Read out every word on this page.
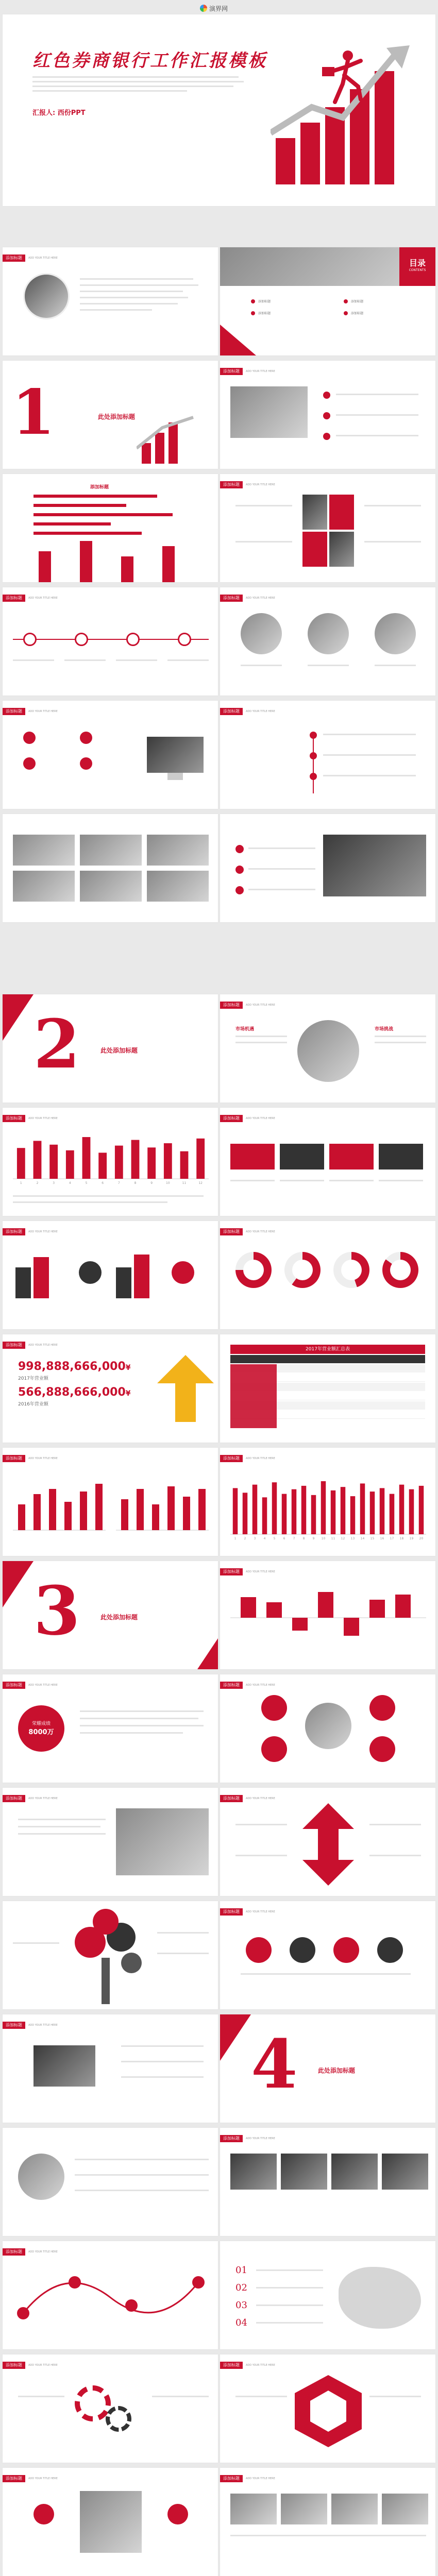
演界网
红色券商银行工作汇报模板
汇报人: 西份PPT
添加标题	ADD YOUR TITLE HERE	目录
CONTENTS
添加标题
添加标题
添加标题
添加标题
1	此处添加标题
添加标题	ADD YOUR TITLE HERE
添加标题
添加标题	ADD YOUR TITLE HERE
添加标题	ADD YOUR TITLE HERE	添加标题	ADD YOUR TITLE HERE
添加标题	ADD YOUR TITLE HERE	添加标题	ADD YOUR TITLE HERE
2	此处添加标题
添加标题	ADD YOUR TITLE HERE
市场机遇	市场挑战
添加标题	ADD YOUR TITLE HERE
1	2	3	4	5	6	7	8	9	10	11	12
添加标题	ADD YOUR TITLE HERE
添加标题	ADD YOUR TITLE HERE	添加标题	ADD YOUR TITLE HERE
添加标题	ADD YOUR TITLE HERE
998,888,666,000¥
2017年营业额
566,888,666,000¥
2016年营业额
2017年营业额汇总表
添加标题	ADD YOUR TITLE HERE	添加标题	ADD YOUR TITLE HERE
1	2	3	4	5	6	7	8	9 10 11 12 13 14 15 16 17 18 19 20
3	此处添加标题
添加标题	ADD YOUR TITLE HERE
添加标题	ADD YOUR TITLE HERE
荣耀成绩
8000万
添加标题	ADD YOUR TITLE HERE
添加标题	ADD YOUR TITLE HERE	添加标题	ADD YOUR TITLE HERE
添加标题	ADD YOUR TITLE HERE
添加标题	ADD YOUR TITLE HERE	4	此处添加标题
添加标题	ADD YOUR TITLE HERE
添加标题	ADD YOUR TITLE HERE
01
02
03
04
添加标题	ADD YOUR TITLE HERE	添加标题	ADD YOUR TITLE HERE
添加标题	ADD YOUR TITLE HERE	添加标题	ADD YOUR TITLE HERE
